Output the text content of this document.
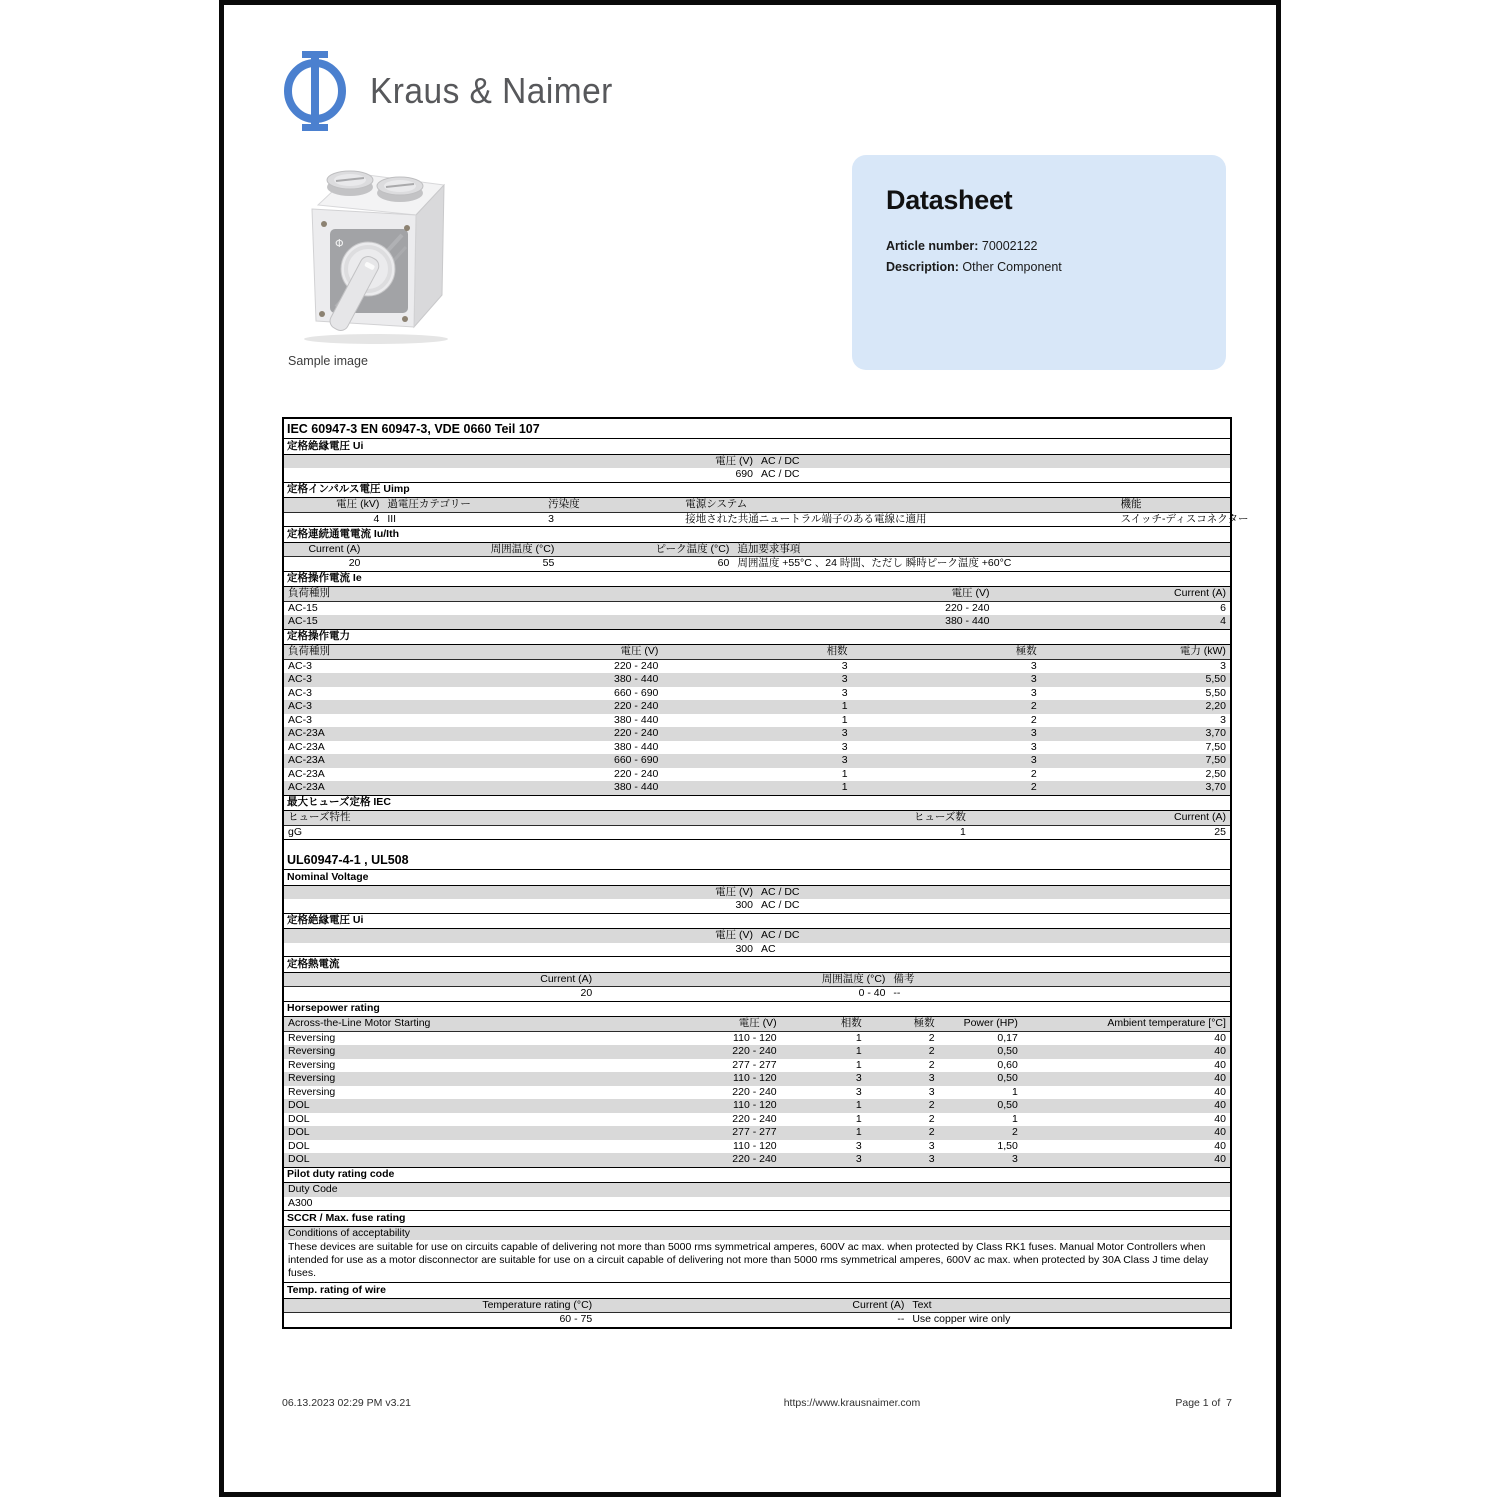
Kraus & Naimer
Φ
Sample image
Datasheet
Article number: 70002122
Description: Other Component
IEC 60947-3 EN 60947-3, VDE 0660 Teil 107
定格絶縁電圧 Ui
電圧 (V) AC / DC
690 AC / DC
定格インパルス電圧 Uimp
電圧 (kV) 過電圧カテゴリー	汚染度	電源システム	機能
4 III	3	接地された共通ニュートラル端子のある電線に適用	スイッチ-ディスコネクター
定格連続通電電流 Iu/Ith
Current (A)	周囲温度 (°C)	ピーク温度 (°C) 追加要求事項
20	55	60 周囲温度 +55°C 、24 時間、ただし 瞬時ピーク温度 +60°C
定格操作電流 Ie
負荷種別	電圧 (V)	Current (A)
AC-15	220 - 240	6
AC-15	380 - 440	4
定格操作電力
負荷種別	電圧 (V)	相数	極数	電力 (kW)
AC-3	220 - 240	3	3	3
AC-3	380 - 440	3	3	5,50
AC-3	660 - 690	3	3	5,50
AC-3	220 - 240	1	2	2,20
AC-3	380 - 440	1	2	3
AC-23A	220 - 240	3	3	3,70
AC-23A	380 - 440	3	3	7,50
AC-23A	660 - 690	3	3	7,50
AC-23A	220 - 240	1	2	2,50
AC-23A	380 - 440	1	2	3,70
最大ヒューズ定格 IEC
ヒューズ特性	ヒューズ数	Current (A)
gG	1	25
UL60947-4-1 , UL508
Nominal Voltage
電圧 (V) AC / DC
300 AC / DC
定格絶縁電圧 Ui
電圧 (V) AC / DC
300 AC
定格熱電流
Current (A)	周囲温度 (°C) 備考
20	0 - 40 --
Horsepower rating
Across-the-Line Motor Starting	電圧 (V)	相数	極数	Power (HP)	Ambient temperature [°C]
Reversing	110 - 120	1	2	0,17	40
Reversing	220 - 240	1	2	0,50	40
Reversing	277 - 277	1	2	0,60	40
Reversing	110 - 120	3	3	0,50	40
Reversing	220 - 240	3	3	1	40
DOL	110 - 120	1	2	0,50	40
DOL	220 - 240	1	2	1	40
DOL	277 - 277	1	2	2	40
DOL	110 - 120	3	3	1,50	40
DOL	220 - 240	3	3	3	40
Pilot duty rating code
Duty Code
A300
SCCR / Max. fuse rating
Conditions of acceptability
These devices are suitable for use on circuits capable of delivering not more than 5000 rms symmetrical amperes, 600V ac max. when protected by Class RK1 fuses. Manual Motor Controllers when intended for use as a motor disconnector are suitable for use on a circuit capable of delivering not more than 5000 rms symmetrical amperes, 600V ac max. when protected by 30A Class J time delay fuses.
Temp. rating of wire
Temperature rating (°C)	Current (A) Text
60 - 75	-- Use copper wire only
06.13.2023 02:29 PM v3.21	https://www.krausnaimer.com	Page 1 of  7
